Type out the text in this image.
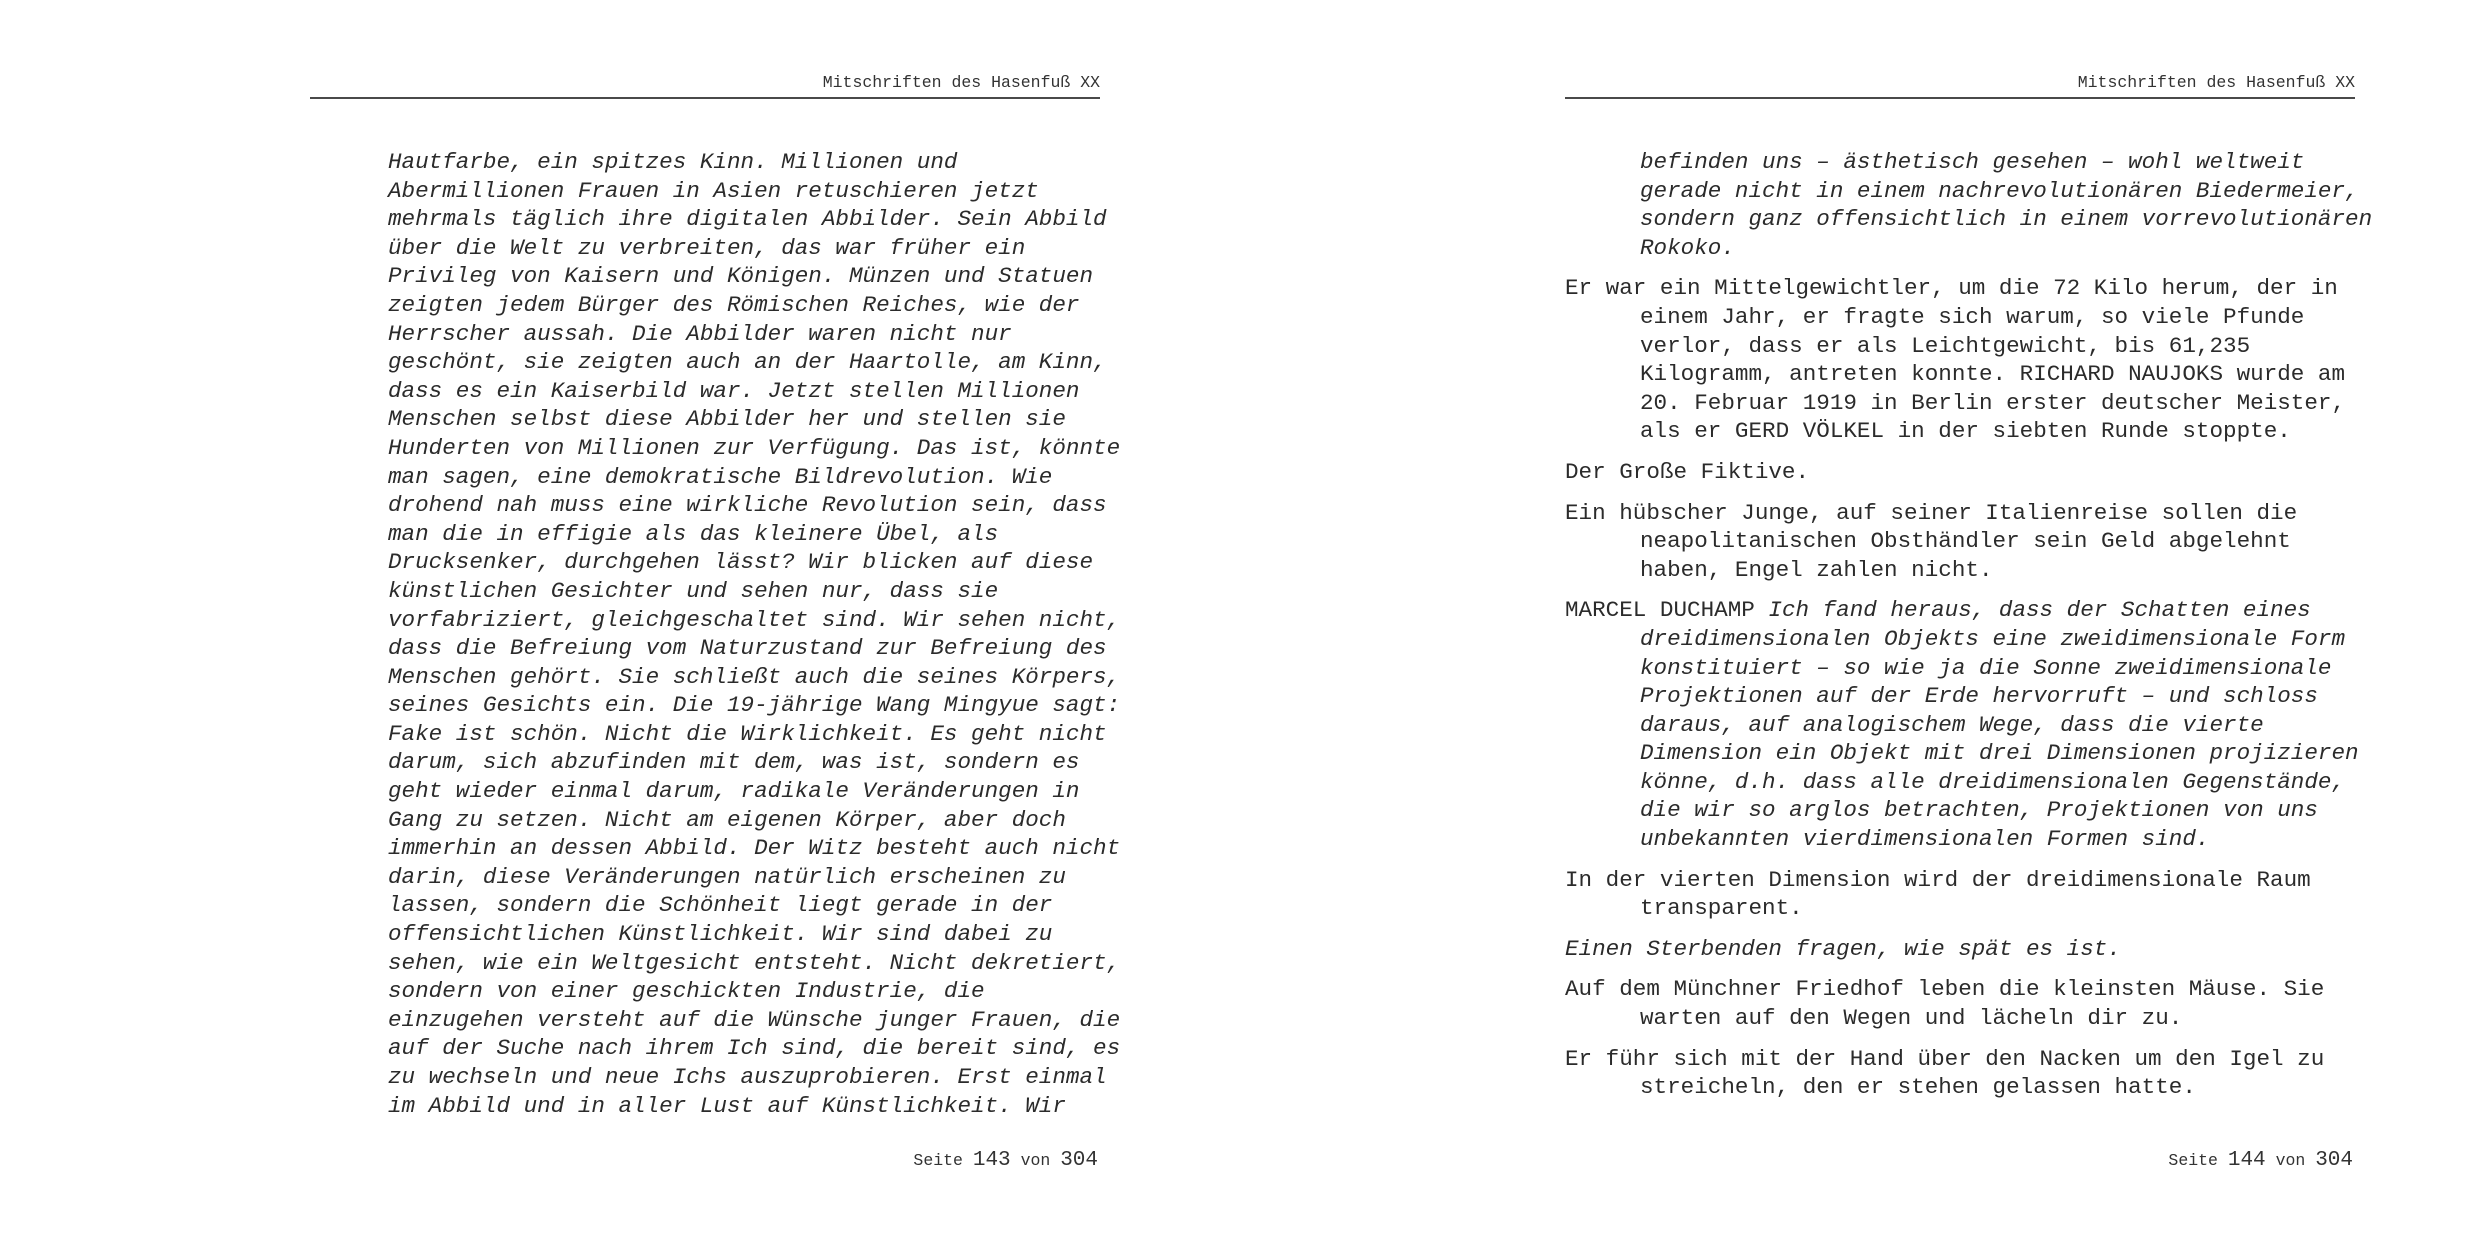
Mitschriften des Hasenfuß XX
Hautfarbe, ein spitzes Kinn. Millionen und
Abermillionen Frauen in Asien retuschieren jetzt
mehrmals täglich ihre digitalen Abbilder. Sein Abbild
über die Welt zu verbreiten, das war früher ein
Privileg von Kaisern und Königen. Münzen und Statuen
zeigten jedem Bürger des Römischen Reiches, wie der
Herrscher aussah. Die Abbilder waren nicht nur
geschönt, sie zeigten auch an der Haartolle, am Kinn,
dass es ein Kaiserbild war. Jetzt stellen Millionen
Menschen selbst diese Abbilder her und stellen sie
Hunderten von Millionen zur Verfügung. Das ist, könnte
man sagen, eine demokratische Bildrevolution. Wie
drohend nah muss eine wirkliche Revolution sein, dass
man die in effigie als das kleinere Übel, als
Drucksenker, durchgehen lässt? Wir blicken auf diese
künstlichen Gesichter und sehen nur, dass sie
vorfabriziert, gleichgeschaltet sind. Wir sehen nicht,
dass die Befreiung vom Naturzustand zur Befreiung des
Menschen gehört. Sie schließt auch die seines Körpers,
seines Gesichts ein. Die 19-jährige Wang Mingyue sagt:
Fake ist schön. Nicht die Wirklichkeit. Es geht nicht
darum, sich abzufinden mit dem, was ist, sondern es
geht wieder einmal darum, radikale Veränderungen in
Gang zu setzen. Nicht am eigenen Körper, aber doch
immerhin an dessen Abbild. Der Witz besteht auch nicht
darin, diese Veränderungen natürlich erscheinen zu
lassen, sondern die Schönheit liegt gerade in der
offensichtlichen Künstlichkeit. Wir sind dabei zu
sehen, wie ein Weltgesicht entsteht. Nicht dekretiert,
sondern von einer geschickten Industrie, die
einzugehen versteht auf die Wünsche junger Frauen, die
auf der Suche nach ihrem Ich sind, die bereit sind, es
zu wechseln und neue Ichs auszuprobieren. Erst einmal
im Abbild und in aller Lust auf Künstlichkeit. Wir
Seite 143 von 304
Mitschriften des Hasenfuß XX
befinden uns – ästhetisch gesehen – wohl weltweit
gerade nicht in einem nachrevolutionären Biedermeier,
sondern ganz offensichtlich in einem vorrevolutionären
Rokoko.
Er war ein Mittelgewichtler, um die 72 Kilo herum, der in
einem Jahr, er fragte sich warum, so viele Pfunde
verlor, dass er als Leichtgewicht, bis 61,235
Kilogramm, antreten konnte. RICHARD NAUJOKS wurde am
20. Februar 1919 in Berlin erster deutscher Meister,
als er GERD VÖLKEL in der siebten Runde stoppte.
Der Große Fiktive.
Ein hübscher Junge, auf seiner Italienreise sollen die
neapolitanischen Obsthändler sein Geld abgelehnt
haben, Engel zahlen nicht.
MARCEL DUCHAMP Ich fand heraus, dass der Schatten eines
dreidimensionalen Objekts eine zweidimensionale Form
konstituiert – so wie ja die Sonne zweidimensionale
Projektionen auf der Erde hervorruft – und schloss
daraus, auf analogischem Wege, dass die vierte
Dimension ein Objekt mit drei Dimensionen projizieren
könne, d.h. dass alle dreidimensionalen Gegenstände,
die wir so arglos betrachten, Projektionen von uns
unbekannten vierdimensionalen Formen sind.
In der vierten Dimension wird der dreidimensionale Raum
transparent.
Einen Sterbenden fragen, wie spät es ist.
Auf dem Münchner Friedhof leben die kleinsten Mäuse. Sie
warten auf den Wegen und lächeln dir zu.
Er führ sich mit der Hand über den Nacken um den Igel zu
streicheln, den er stehen gelassen hatte.
Seite 144 von 304
